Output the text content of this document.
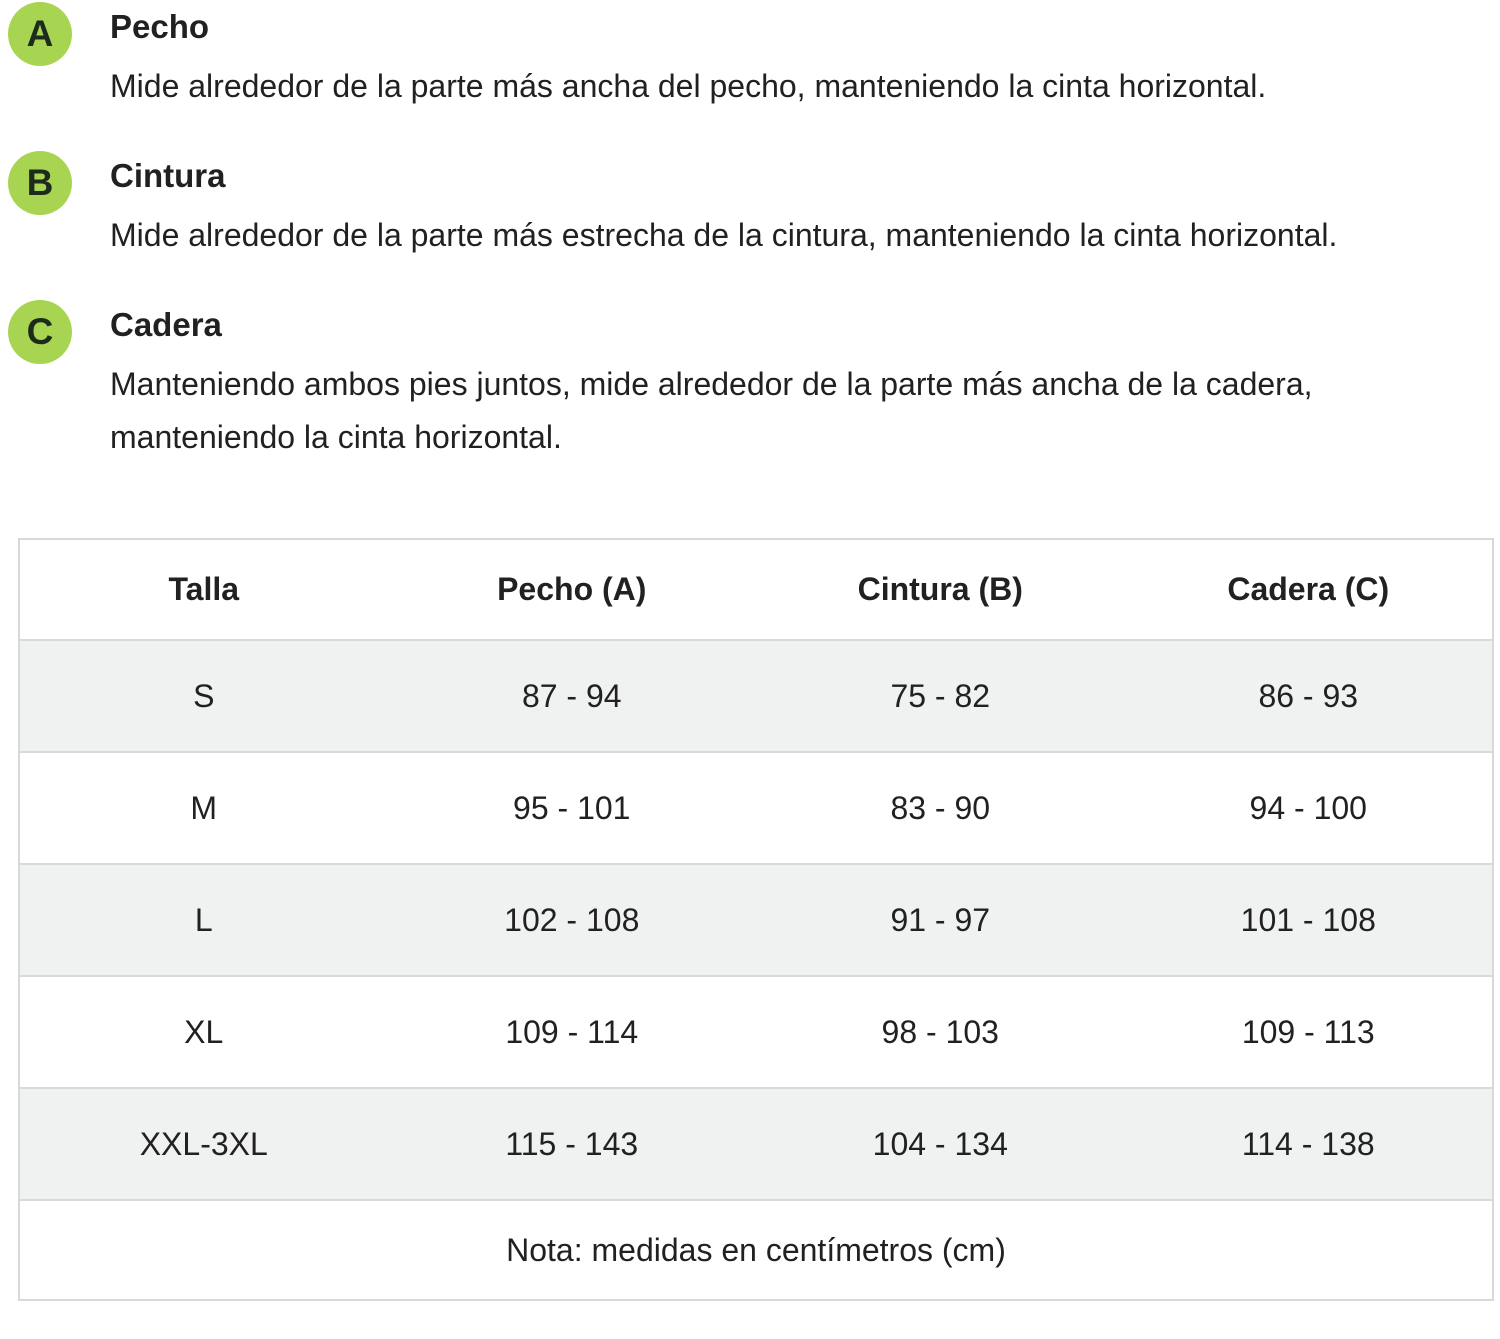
A	Pecho

Mide alrededor de la parte más ancha del pecho, manteniendo la cinta horizontal.

B	Cintura

Mide alrededor de la parte más estrecha de la cintura, manteniendo la cinta horizontal.

C	Cadera

Manteniendo ambos pies juntos, mide alrededor de la parte más ancha de la cadera, manteniendo la cinta horizontal.

Talla	Pecho (A)	Cintura (B)	Cadera (C)
S	87 - 94	75 - 82	86 - 93
M	95 - 101	83 - 90	94 - 100
L	102 - 108	91 - 97	101 - 108
XL	109 - 114	98 - 103	109 - 113
XXL-3XL	115 - 143	104 - 134	114 - 138
Nota: medidas en centímetros (cm)			
